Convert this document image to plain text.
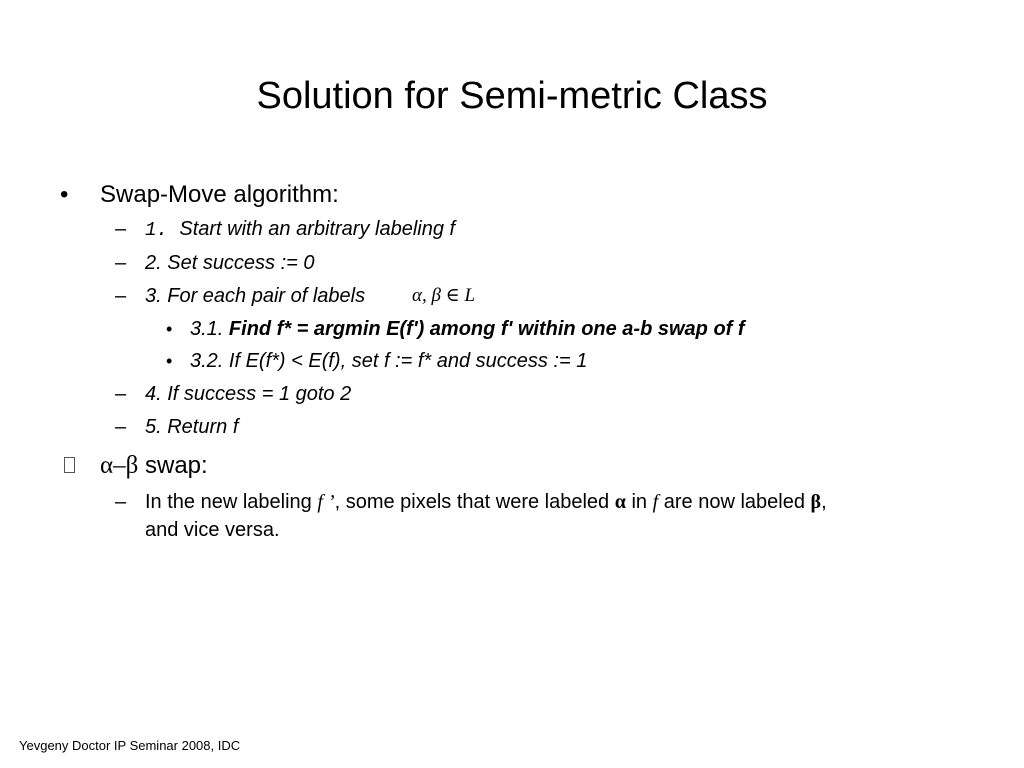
Solution for Semi-metric Class
• Swap-Move algorithm:
– 1. Start with an arbitrary labeling f
– 2. Set success := 0
– 3. For each pair of labels α, β ∈ L
• 3.1. Find f* = argmin E(f') among f' within one a-b swap of f
• 3.2. If E(f*) < E(f), set f := f* and success := 1
– 4. If success = 1 goto 2
– 5. Return f
α–β swap:
– In the new labeling f ’, some pixels that were labeled α in f are now labeled β,
and vice versa.
Yevgeny Doctor IP Seminar 2008, IDC
